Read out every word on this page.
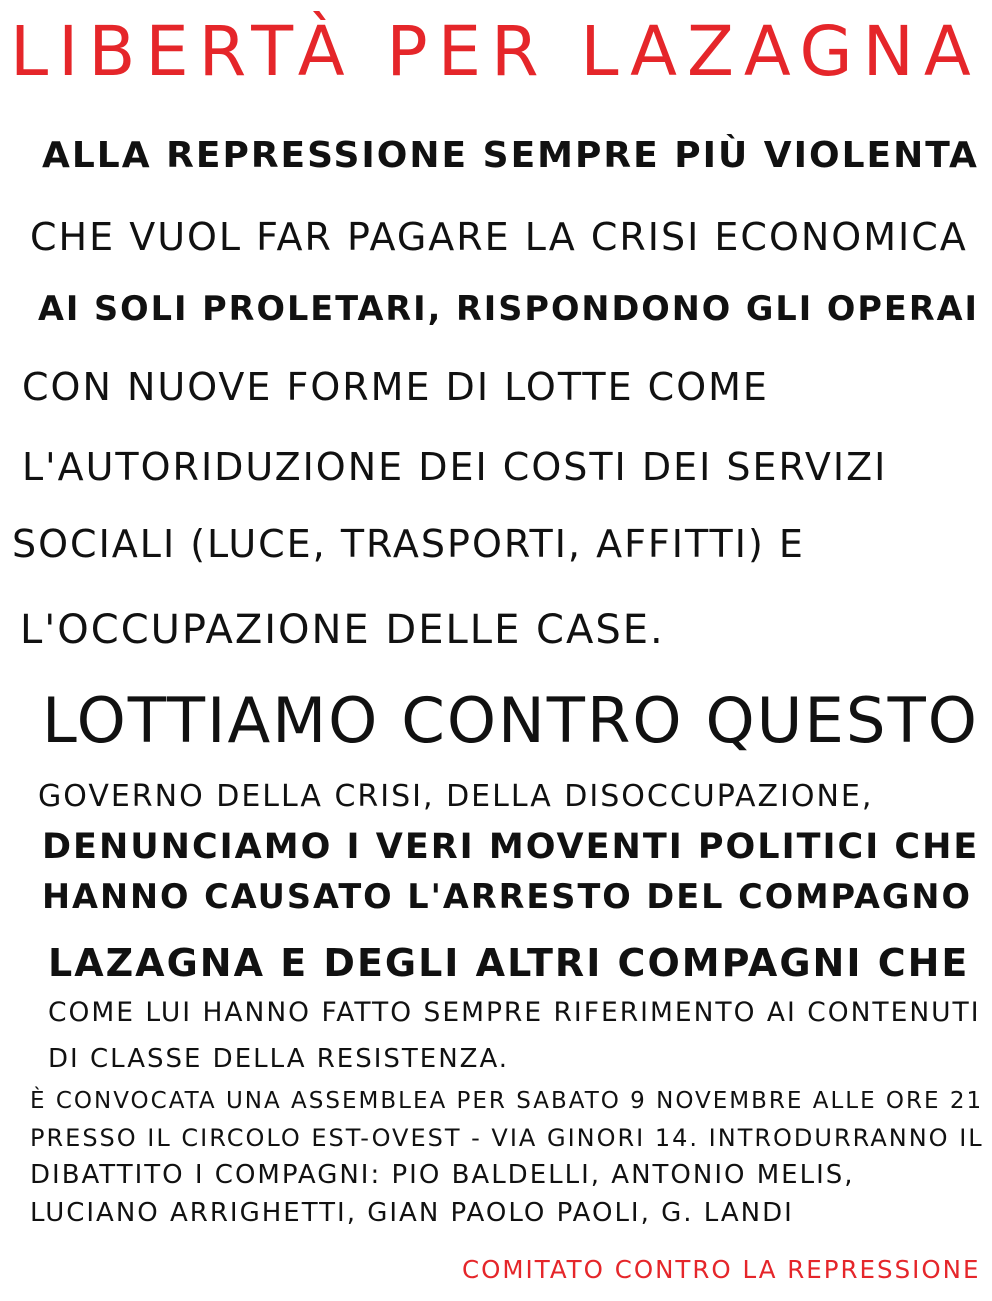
LIBERTÀ PER LAZAGNA
ALLA REPRESSIONE SEMPRE PIÙ VIOLENTA
CHE VUOL FAR PAGARE LA CRISI ECONOMICA
AI SOLI PROLETARI, RISPONDONO GLI OPERAI
CON NUOVE FORME DI LOTTE COME
L'AUTORIDUZIONE DEI COSTI DEI SERVIZI
SOCIALI (LUCE, TRASPORTI, AFFITTI) E
L'OCCUPAZIONE DELLE CASE.
LOTTIAMO CONTRO QUESTO
GOVERNO DELLA CRISI, DELLA DISOCCUPAZIONE,
DENUNCIAMO I VERI MOVENTI POLITICI CHE
HANNO CAUSATO L'ARRESTO DEL COMPAGNO
LAZAGNA E DEGLI ALTRI COMPAGNI CHE
COME LUI HANNO FATTO SEMPRE RIFERIMENTO AI CONTENUTI
DI CLASSE DELLA RESISTENZA.
È CONVOCATA UNA ASSEMBLEA PER SABATO 9 NOVEMBRE ALLE ORE 21
PRESSO IL CIRCOLO EST-OVEST - VIA GINORI 14. INTRODURRANNO IL
DIBATTITO I COMPAGNI: PIO BALDELLI, ANTONIO MELIS,
LUCIANO ARRIGHETTI, GIAN PAOLO PAOLI, G. LANDI
COMITATO CONTRO LA REPRESSIONE
